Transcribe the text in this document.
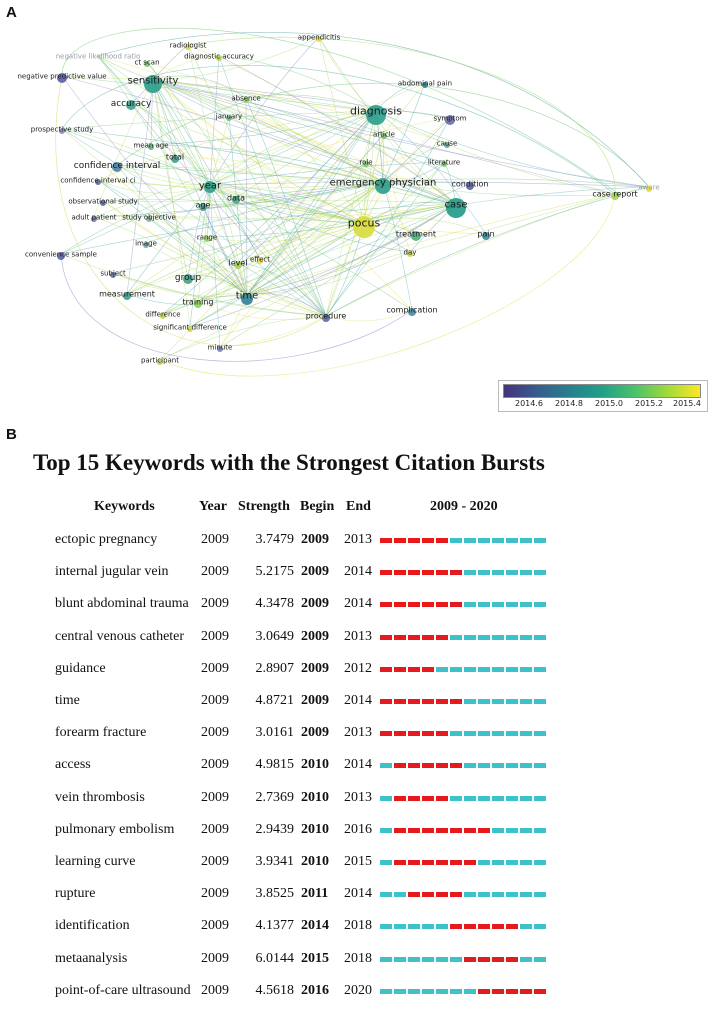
A
negative likelihood ratio
radiologist
appendicitis
diagnostic accuracy
ct scan
negative predictive value sensitivity	abdominal pain
accuracy
absence
diagnosis
january	symptom
prospective study
article
mean age	cause
total
confidence interval	role	literature
confidence interval ci	year	emergency physician condition
data
observational study	age
case report
aware
adult patient study objective
case
pocus
treatment	pain
image
range
day
convenience sample
effect
level
subject	group
measurement	time
training
procedure
complication
difference
significant difference
minute
participant
2014.6 2014.8 2015.0 2015.2 2015.4
B
Top 15 Keywords with the Strongest Citation Bursts
Keywords	Year Strength Begin End	2009 - 2020
ectopic pregnancy	2009 3.7479 2009 2013
internal jugular vein 2009 5.2175 2009 2014
blunt abdominal trauma 2009 4.3478 2009 2014
central venous catheter 2009 3.0649 2009 2013
guidance	2009 2.8907 2009 2012
time	2009 4.8721 2009 2014
forearm fracture	2009 3.0161 2009 2013
access	2009 4.9815 2010 2014
vein thrombosis	2009 2.7369 2010 2013
pulmonary embolism 2009 2.9439 2010 2016
learning curve	2009 3.9341 2010 2015
rupture	2009 3.8525 2011 2014
identification	2009 4.1377 2014 2018
metaanalysis	2009 6.0144 2015 2018
point-of-care ultrasound 2009 4.5618 2016 2020
